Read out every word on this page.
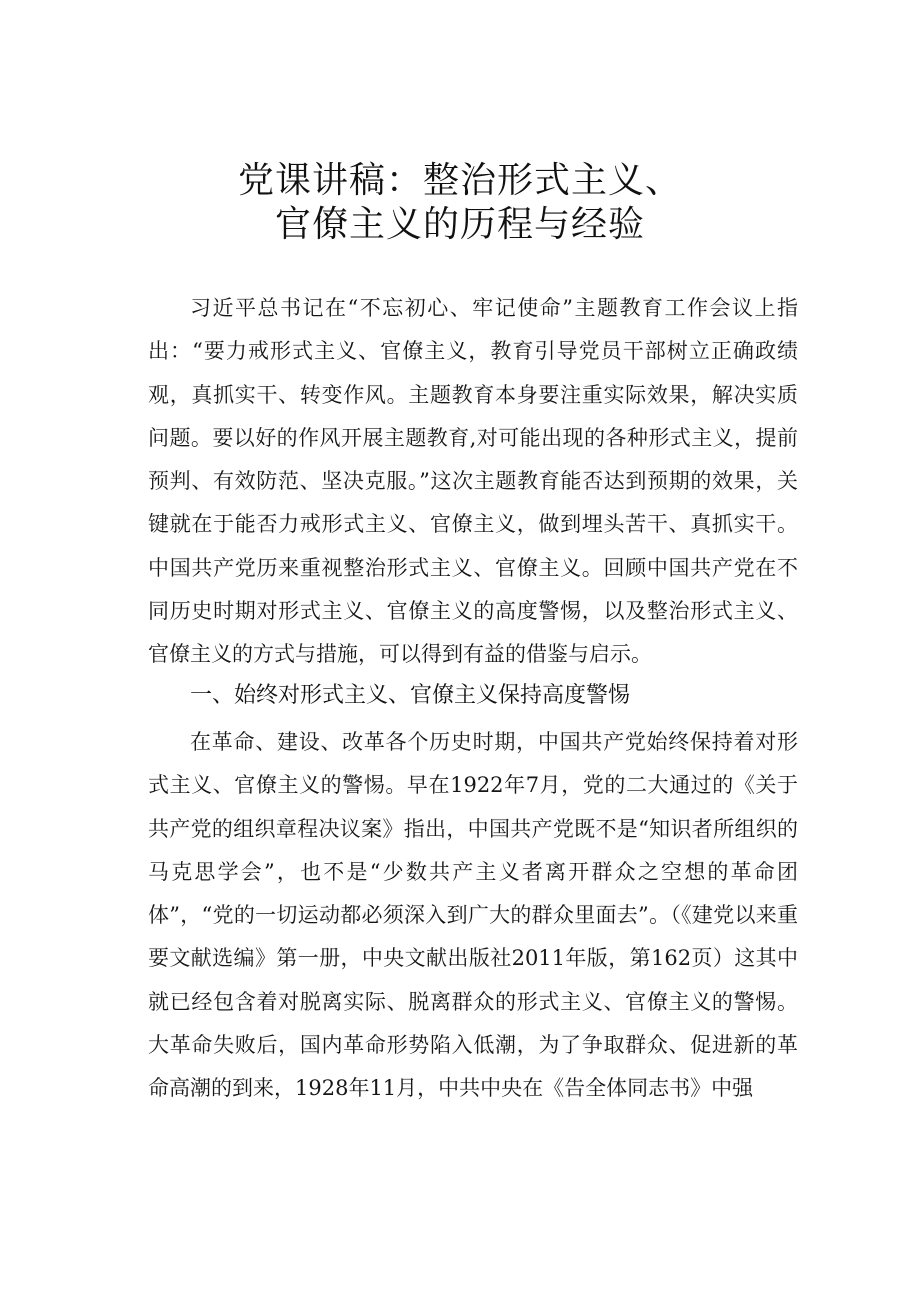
党课讲稿：整治形式主义、
官僚主义的历程与经验
习近平总书记在“不忘初心、牢记使命”主题教育工作会议上指出：“要力戒形式主义、官僚主义，教育引导党员干部树立正确政绩观，真抓实干、转变作风。主题教育本身要注重实际效果，解决实质问题。要以好的作风开展主题教育,对可能出现的各种形式主义，提前预判、有效防范、坚决克服。”这次主题教育能否达到预期的效果，关键就在于能否力戒形式主义、官僚主义，做到埋头苦干、真抓实干。中国共产党历来重视整治形式主义、官僚主义。回顾中国共产党在不同历史时期对形式主义、官僚主义的高度警惕，以及整治形式主义、官僚主义的方式与措施，可以得到有益的借鉴与启示。
一、始终对形式主义、官僚主义保持高度警惕
在革命、建设、改革各个历史时期，中国共产党始终保持着对形式主义、官僚主义的警惕。早在1922年7月，党的二大通过的《关于共产党的组织章程决议案》指出，中国共产党既不是“知识者所组织的马克思学会”，也不是“少数共产主义者离开群众之空想的革命团体”，“党的一切运动都必须深入到广大的群众里面去”。（《建党以来重要文献选编》第一册，中央文献出版社2011年版，第162页）这其中就已经包含着对脱离实际、脱离群众的形式主义、官僚主义的警惕。大革命失败后，国内革命形势陷入低潮，为了争取群众、促进新的革命高潮的到来，1928年11月，中共中央在《告全体同志书》中强
